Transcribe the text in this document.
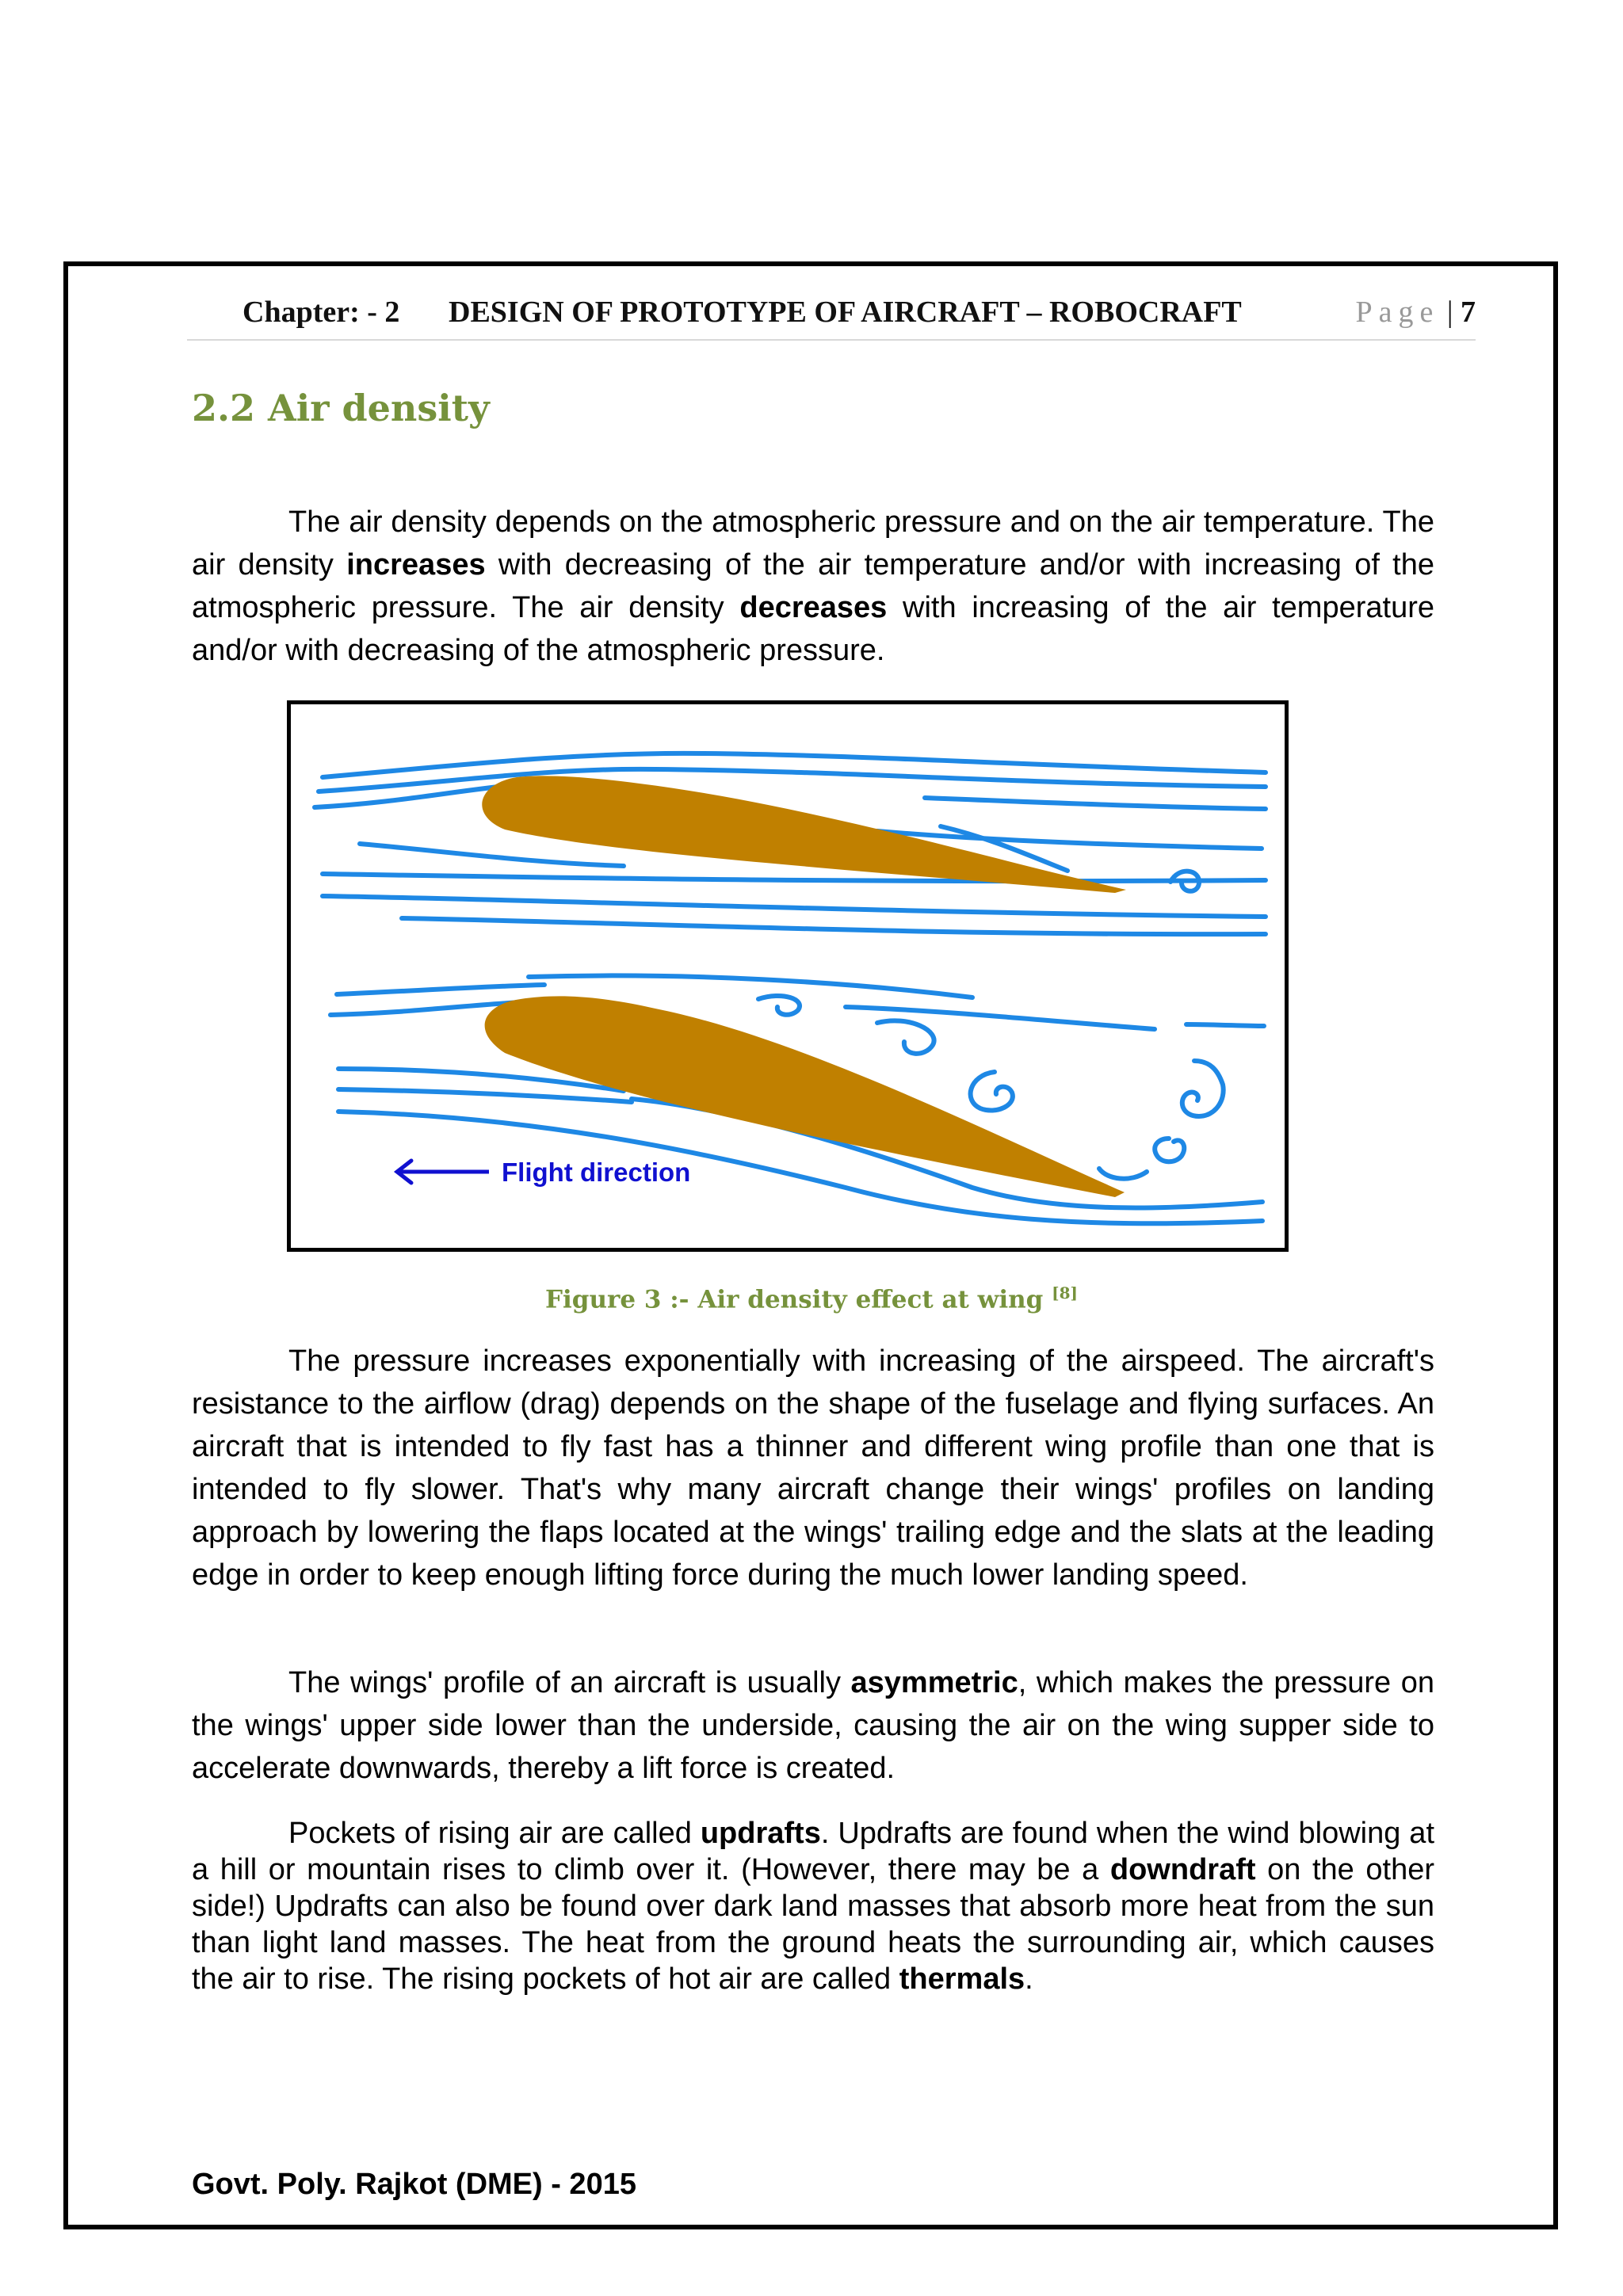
Chapter: - 2 DESIGN OF PROTOTYPE OF AIRCRAFT – ROBOCRAFT	Page | 7
2.2 Air density
The air density depends on the atmospheric pressure and on the air temperature. The air density increases with decreasing of the air temperature and/or with increasing of the atmospheric pressure. The air density decreases with increasing of the air temperature and/or with decreasing of the atmospheric pressure.
Flight direction
Figure 3 :- Air density effect at wing [8]
The pressure increases exponentially with increasing of the airspeed. The aircraft's resistance to the airflow (drag) depends on the shape of the fuselage and flying surfaces. An aircraft that is intended to fly fast has a thinner and different wing profile than one that is intended to fly slower. That's why many aircraft change their wings' profiles on landing approach by lowering the flaps located at the wings' trailing edge and the slats at the leading edge in order to keep enough lifting force during the much lower landing speed.
The wings' profile of an aircraft is usually asymmetric, which makes the pressure on the wings' upper side lower than the underside, causing the air on the wing supper side to accelerate downwards, thereby a lift force is created.
Pockets of rising air are called updrafts. Updrafts are found when the wind blowing at a hill or mountain rises to climb over it. (However, there may be a downdraft on the other side!) Updrafts can also be found over dark land masses that absorb more heat from the sun than light land masses. The heat from the ground heats the surrounding air, which causes the air to rise. The rising pockets of hot air are called thermals.
Govt. Poly. Rajkot (DME) - 2015
